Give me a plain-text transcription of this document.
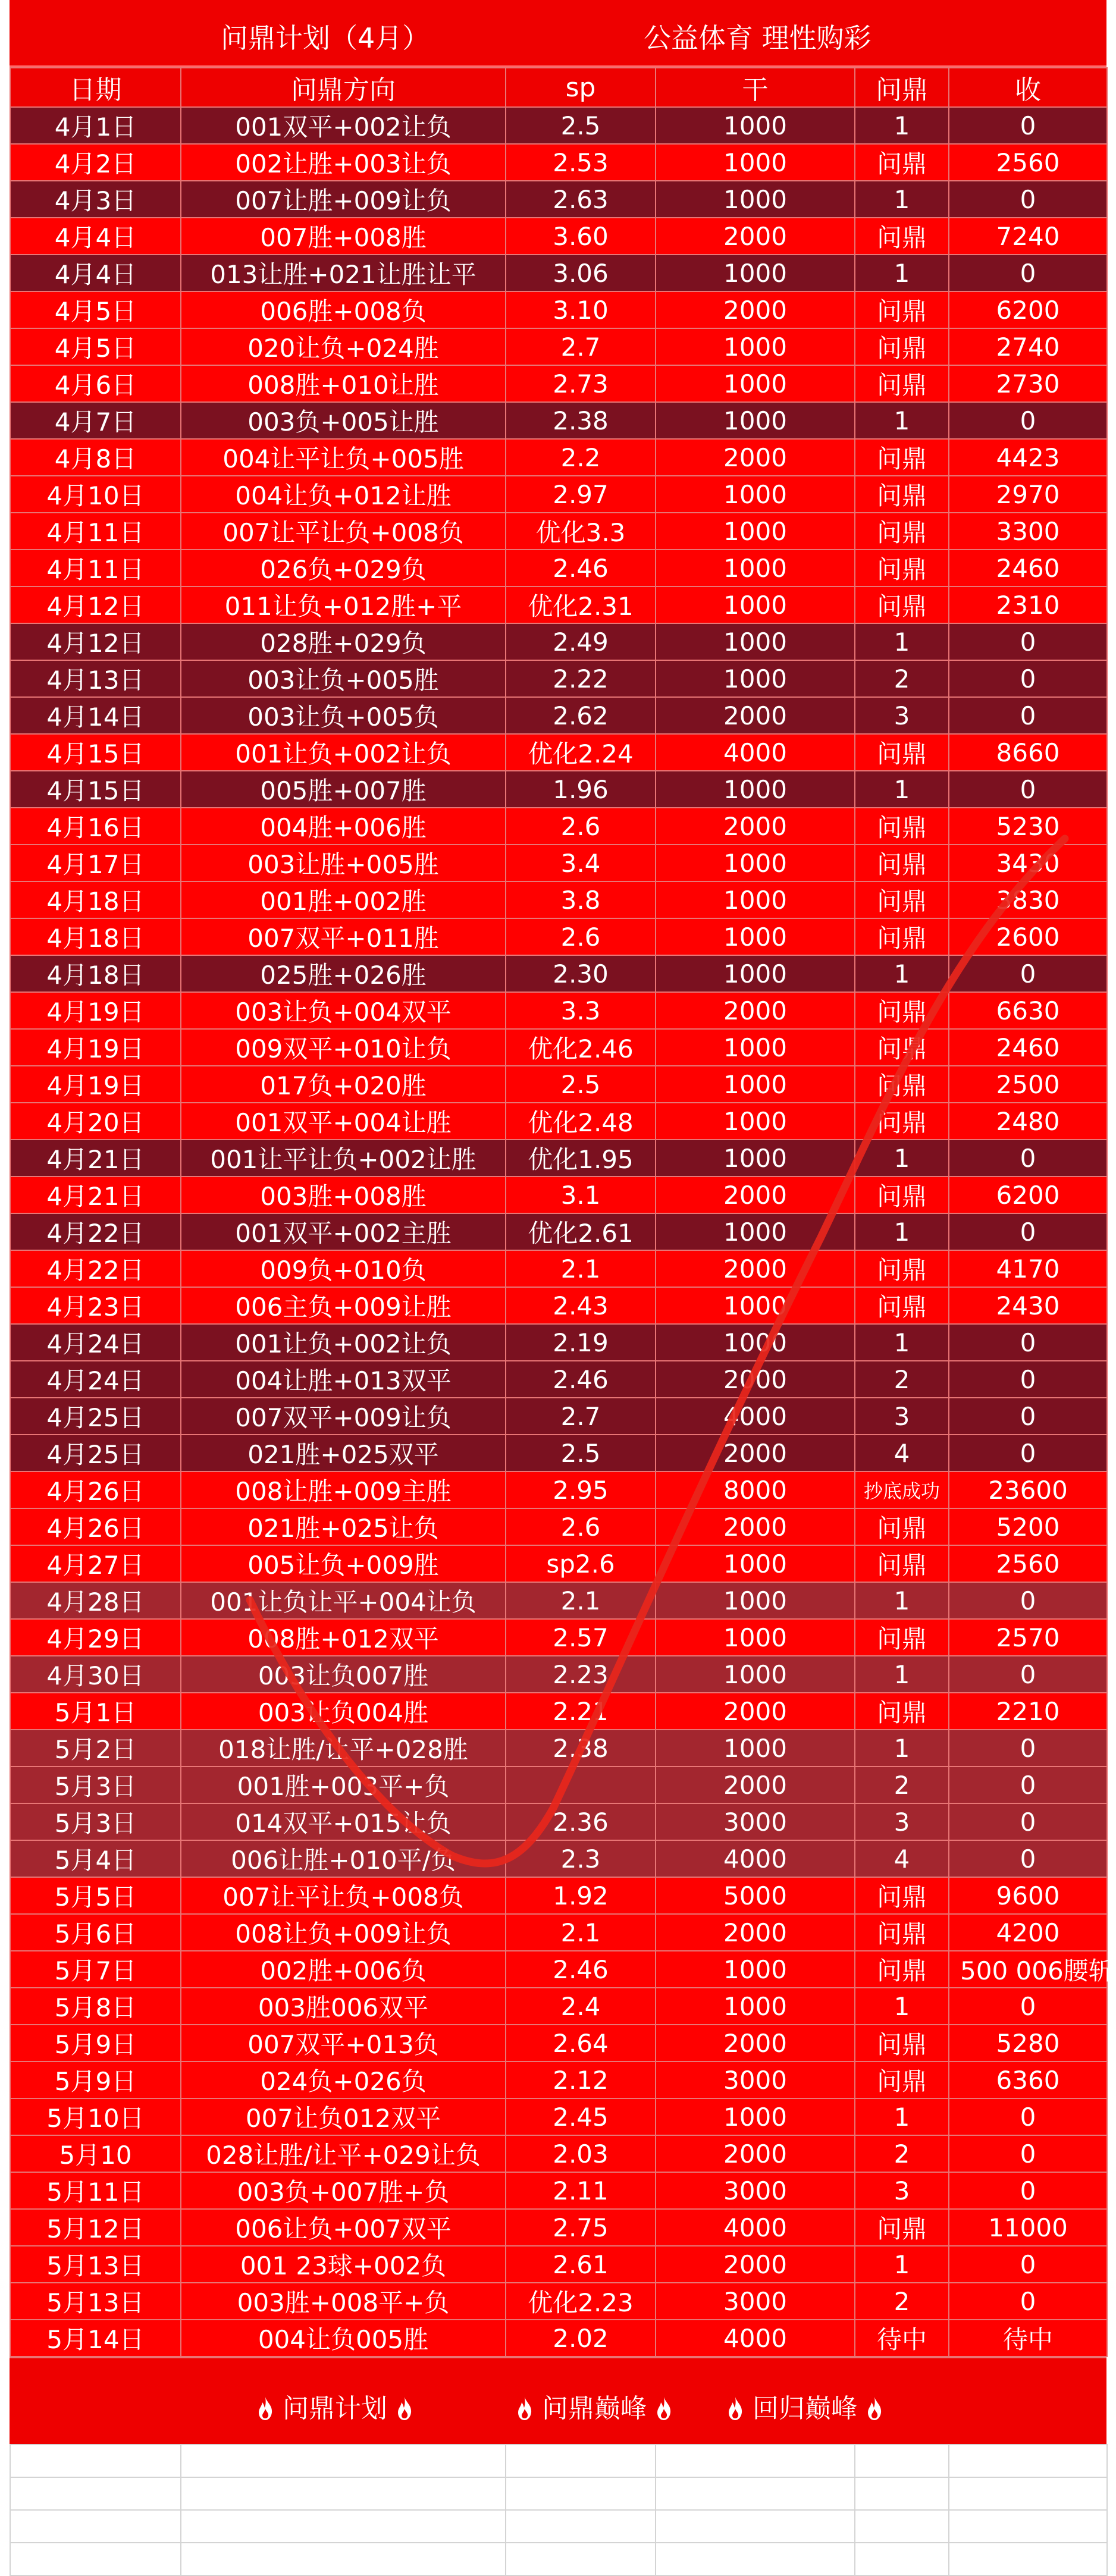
问鼎计划（4月）	公益体育 理性购彩
日期	问鼎方向	sp	干	问鼎	收
4月1日	001双平+002让负	2.5	1000	1	0
4月2日	002让胜+003让负	2.53	1000	问鼎	2560
4月3日	007让胜+009让负	2.63	1000	1	0
4月4日	007胜+008胜	3.60	2000	问鼎	7240
4月4日	013让胜+021让胜让平	3.06	1000	1	0
4月5日	006胜+008负	3.10	2000	问鼎	6200
4月5日	020让负+024胜	2.7	1000	问鼎	2740
4月6日	008胜+010让胜	2.73	1000	问鼎	2730
4月7日	003负+005让胜	2.38	1000	1	0
4月8日	004让平让负+005胜	2.2	2000	问鼎	4423
4月10日	004让负+012让胜	2.97	1000	问鼎	2970
4月11日	007让平让负+008负	优化3.3	1000	问鼎	3300
4月11日	026负+029负	2.46	1000	问鼎	2460
4月12日	011让负+012胜+平	优化2.31	1000	问鼎	2310
4月12日	028胜+029负	2.49	1000	1	0
4月13日	003让负+005胜	2.22	1000	2	0
4月14日	003让负+005负	2.62	2000	3	0
4月15日	001让负+002让负	优化2.24	4000	问鼎	8660
4月15日	005胜+007胜	1.96	1000	1	0
4月16日	004胜+006胜	2.6	2000	问鼎	5230
4月17日	003让胜+005胜	3.4	1000	问鼎	3430
4月18日	001胜+002胜	3.8	1000	问鼎	3830
4月18日	007双平+011胜	2.6	1000	问鼎	2600
4月18日	025胜+026胜	2.30	1000	1	0
4月19日	003让负+004双平	3.3	2000	问鼎	6630
4月19日	009双平+010让负	优化2.46	1000	问鼎	2460
4月19日	017负+020胜	2.5	1000	问鼎	2500
4月20日	001双平+004让胜	优化2.48	1000	问鼎	2480
4月21日	001让平让负+002让胜	优化1.95	1000	1	0
4月21日	003胜+008胜	3.1	2000	问鼎	6200
4月22日	001双平+002主胜	优化2.61	1000	1	0
4月22日	009负+010负	2.1	2000	问鼎	4170
4月23日	006主负+009让胜	2.43	1000	问鼎	2430
4月24日	001让负+002让负	2.19	1000	1	0
4月24日	004让胜+013双平	2.46	2000	2	0
4月25日	007双平+009让负	2.7	4000	3	0
4月25日	021胜+025双平	2.5	2000	4	0
4月26日	008让胜+009主胜	2.95	8000	抄底成功	23600
4月26日	021胜+025让负	2.6	2000	问鼎	5200
4月27日	005让负+009胜	sp2.6	1000	问鼎	2560
4月28日	001让负让平+004让负	2.1	1000	1	0
4月29日	008胜+012双平	2.57	1000	问鼎	2570
4月30日	003让负007胜	2.23	1000	1	0
5月1日	003让负004胜	2.21	2000	问鼎	2210
5月2日	018让胜/让平+028胜	2.38	1000	1	0
5月3日	001胜+003平+负		2000	2	0
5月3日	014双平+015让负	2.36	3000	3	0
5月4日	006让胜+010平/负	2.3	4000	4	0
5月5日	007让平让负+008负	1.92	5000	问鼎	9600
5月6日	008让负+009让负	2.1	2000	问鼎	4200
5月7日	002胜+006负	2.46	1000	问鼎	500 006腰斩
5月8日	003胜006双平	2.4	1000	1	0
5月9日	007双平+013负	2.64	2000	问鼎	5280
5月9日	024负+026负	2.12	3000	问鼎	6360
5月10日	007让负012双平	2.45	1000	1	0
5月10	028让胜/让平+029让负	2.03	2000	2	0
5月11日	003负+007胜+负	2.11	3000	3	0
5月12日	006让负+007双平	2.75	4000	问鼎	11000
5月13日	001 23球+002负	2.61	2000	1	0
5月13日	003胜+008平+负	优化2.23	3000	2	0
5月14日	004让负005胜	2.02	4000	待中	待中
问鼎计划	问鼎巅峰	回归巅峰
